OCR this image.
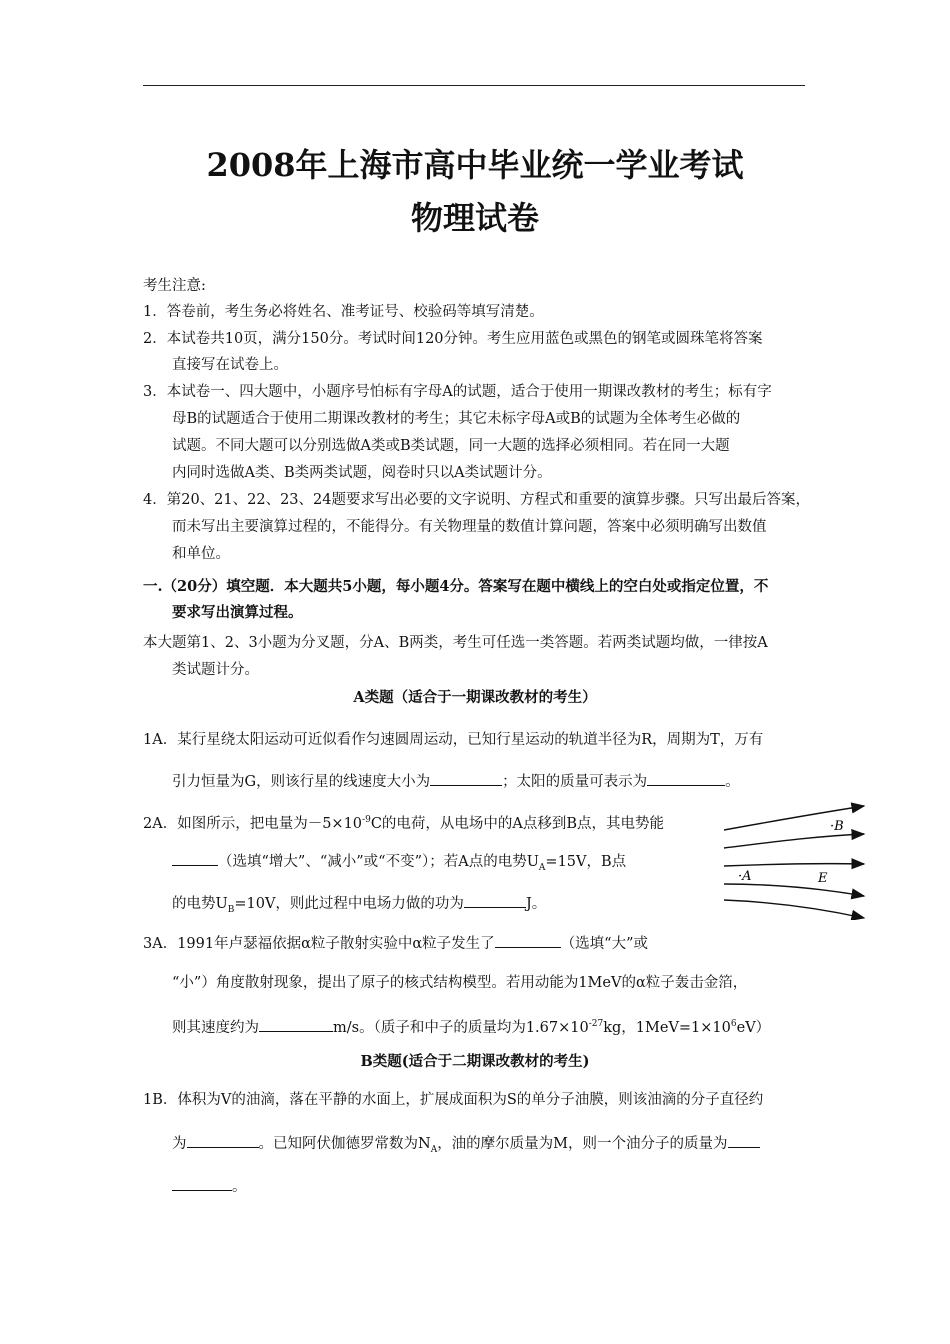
2008年上海市高中毕业统一学业考试
物理试卷
考生注意:
1．答卷前，考生务必将姓名、准考证号、校验码等填写清楚。
2．本试卷共10页，满分150分。考试时间120分钟。考生应用蓝色或黑色的钢笔或圆珠笔将答案
直接写在试卷上。
3．本试卷一、四大题中，小题序号怕标有字母A的试题，适合于使用一期课改教材的考生；标有字
母B的试题适合于使用二期课改教材的考生；其它未标字母A或B的试题为全体考生必做的
试题。不同大题可以分别选做A类或B类试题，同一大题的选择必须相同。若在同一大题
内同时选做A类、B类两类试题，阅卷时只以A类试题计分。
4．第20、21、22、23、24题要求写出必要的文字说明、方程式和重要的演算步骤。只写出最后答案，
而未写出主要演算过程的，不能得分。有关物理量的数值计算问题，答案中必须明确写出数值
和单位。
一.（20分）填空题．本大题共5小题，每小题4分。答案写在题中横线上的空白处或指定位置，不
要求写出演算过程。
本大题第1、2、3小题为分叉题，分A、B两类，考生可任选一类答题。若两类试题均做，一律按A
类试题计分。
A类题（适合于一期课改教材的考生）
1A．某行星绕太阳运动可近似看作匀速圆周运动，已知行星运动的轨道半径为R，周期为T，万有
引力恒量为G，则该行星的线速度大小为	；太阳的质量可表示为	。
2A．如图所示，把电量为$-5\times 10^{-9}C$的电荷，从电场中的A点移到B点，其电势能
（选填“增大”、“减小”或“不变”）；若A点的电势$U_A=15V$，B点
的电势$U_B=10V$，则此过程中电场力做的功为	J。
·B
·A	E
3A．1991年卢瑟福依据α粒子散射实验中α粒子发生了	（选填“大”或
“小”）角度散射现象，提出了原子的核式结构模型。若用动能为1MeV的α粒子轰击金箔，
则其速度约为	m/s。（质子和中子的质量均为$1.67\times 10^{-27}kg$，$1MeV=1\times 10^6eV$）
B类题(适合于二期课改教材的考生)
1B．体积为V的油滴，落在平静的水面上，扩展成面积为S的单分子油膜，则该油滴的分子直径约
为	。已知阿伏伽德罗常数为$N_A$，油的摩尔质量为M，则一个油分子的质量为
。
